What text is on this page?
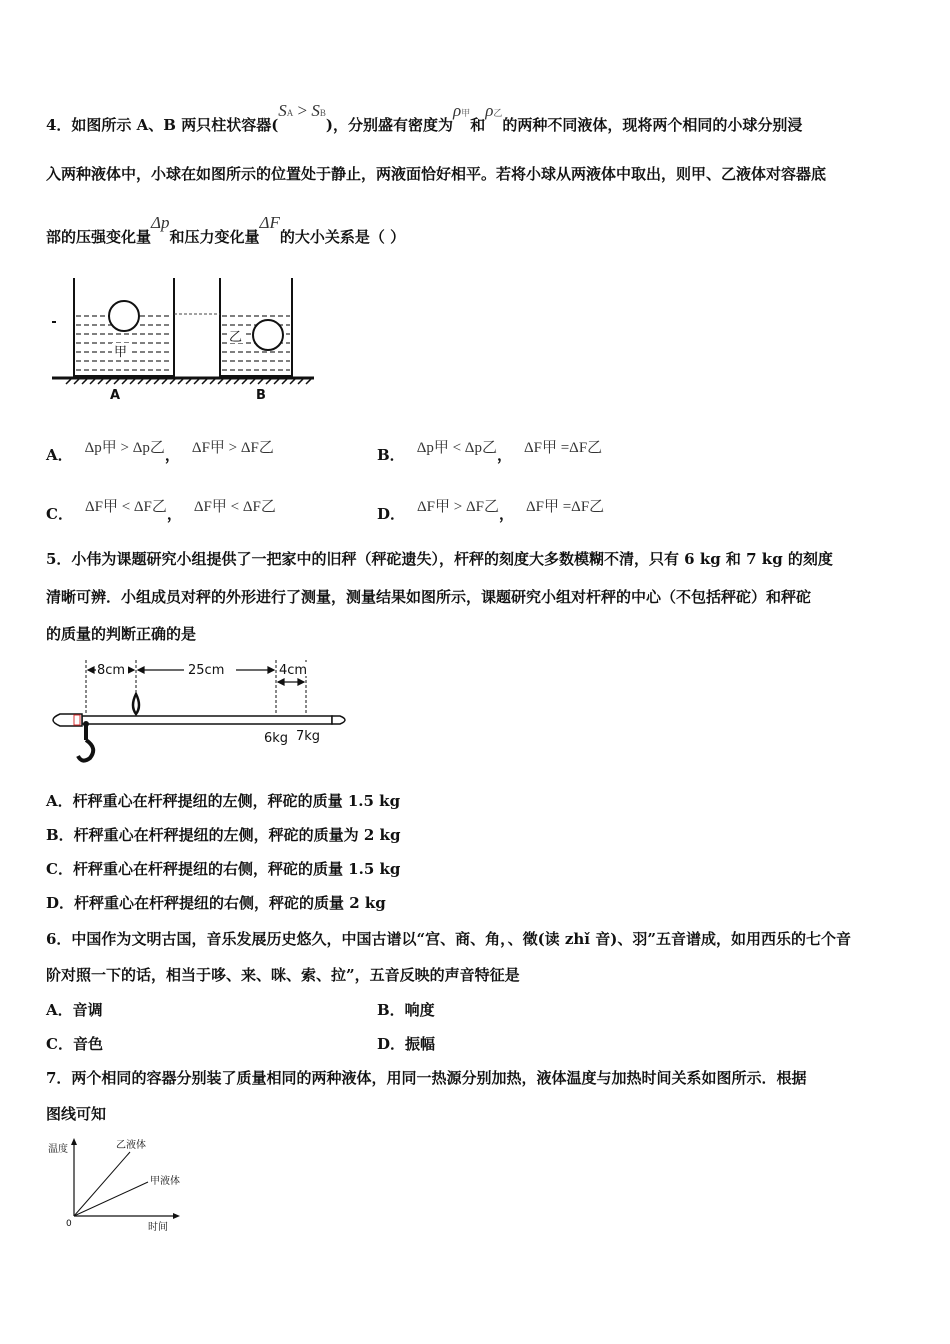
4．如图所示 A、B 两只柱状容器(SA > SB)，分别盛有密度为ρ甲和ρ乙的两种不同液体，现将两个相同的小球分别浸
入两种液体中，小球在如图所示的位置处于静止，两液面恰好相平。若将小球从两液体中取出，则甲、乙液体对容器底
部的压强变化量Δp和压力变化量ΔF的大小关系是（ ）
甲
乙
A	B
A． Δp甲 > Δp乙， ΔF甲 > ΔF乙	B． Δp甲 < Δp乙， ΔF甲 =ΔF乙
C． ΔF甲 < ΔF乙， ΔF甲 < ΔF乙	D． ΔF甲 > ΔF乙， ΔF甲 =ΔF乙
5．小伟为课题研究小组提供了一把家中的旧秤（秤砣遗失），杆秤的刻度大多数模糊不清，只有 6 kg 和 7 kg 的刻度
清晰可辨．小组成员对秤的外形进行了测量，测量结果如图所示，课题研究小组对杆秤的中心（不包括秤砣）和秤砣
的质量的判断正确的是
8cm	25cm	4cm
6kg 7kg
A．杆秤重心在杆秤提纽的左侧，秤砣的质量 1.5 kg
B．杆秤重心在杆秤提纽的左侧，秤砣的质量为 2 kg
C．杆秤重心在杆秤提纽的右侧，秤砣的质量 1.5 kg
D．杆秤重心在杆秤提纽的右侧，秤砣的质量 2 kg
6．中国作为文明古国，音乐发展历史悠久，中国古谱以“宫、商、角，、徵(读 zhǐ 音)、羽”五音谱成，如用西乐的七个音
阶对照一下的话，相当于哆、来、咪、索、拉”，五音反映的声音特征是
A．音调	B．响度
C．音色	D．振幅
7．两个相同的容器分别装了质量相同的两种液体，用同一热源分别加热，液体温度与加热时间关系如图所示．根据
图线可知
温度
时间
0
乙液体
甲液体
